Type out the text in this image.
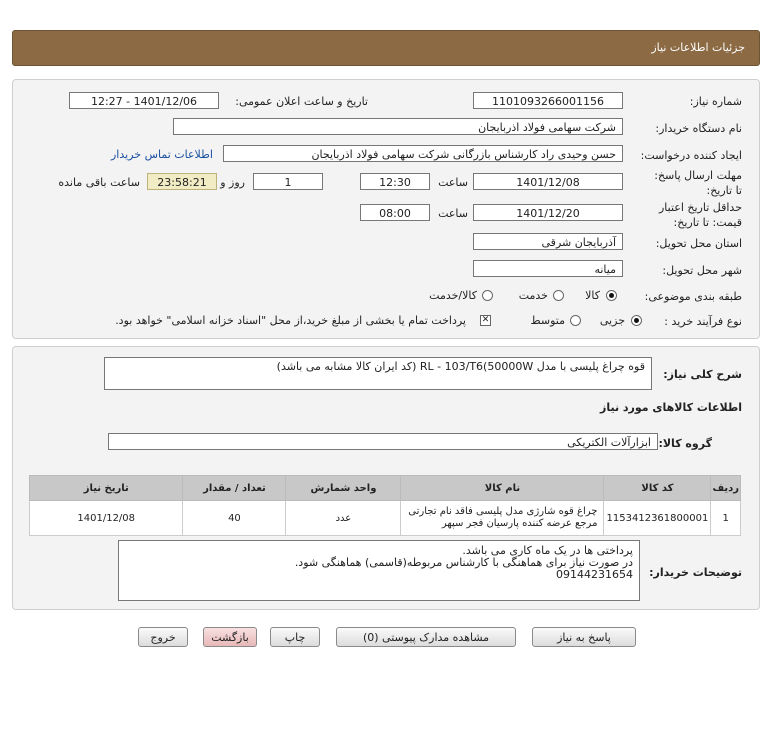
جزئیات اطلاعات نیاز
شماره نیاز:
1101093266001156
تاریخ و ساعت اعلان عمومی:
1401/12/06 - 12:27
نام دستگاه خریدار:
شرکت سهامی فولاد اذربایجان
ایجاد کننده درخواست:
حسن وحیدی راد کارشناس بازرگانی شرکت سهامی فولاد اذربایجان
اطلاعات تماس خریدار
مهلت ارسال پاسخ: تا تاریخ:
1401/12/08
ساعت
12:30
1
روز و
23:58:21
ساعت باقی مانده
حداقل تاریخ اعتبار قیمت: تا تاریخ:
1401/12/20
ساعت
08:00
استان محل تحویل:
آذربایجان شرقی
شهر محل تحویل:
میانه
طبقه بندی موضوعی:
کالا
خدمت
کالا/خدمت
نوع فرآیند خرید :
جزیی
متوسط
✕
پرداخت تمام یا بخشی از مبلغ خرید،از محل "اسناد خزانه اسلامی" خواهد بود.
شرح کلی نیاز:
قوه چراغ پلیسی با مدل RL - 103/T6(50000W (کد ایران کالا مشابه می باشد)
اطلاعات کالاهای مورد نیاز
گروه کالا:
ابزارآلات الکتریکی
ردیف	کد کالا	نام کالا	واحد شمارش	تعداد / مقدار	تاریخ نیاز
1	1153412361800001	چراغ قوه شارژی مدل پلیسی فاقد نام تجارتی مرجع عرضه کننده پارسیان فجر سپهر	عدد	40	1401/12/08
توضیحات خریدار:
پرداختی ها در یک ماه کاری می باشد.
در صورت نیاز برای هماهنگی با کارشناس مربوطه(قاسمی) هماهنگی شود.
09144231654
پاسخ به نیاز
مشاهده مدارک پیوستی (0)
چاپ
بازگشت
خروج
